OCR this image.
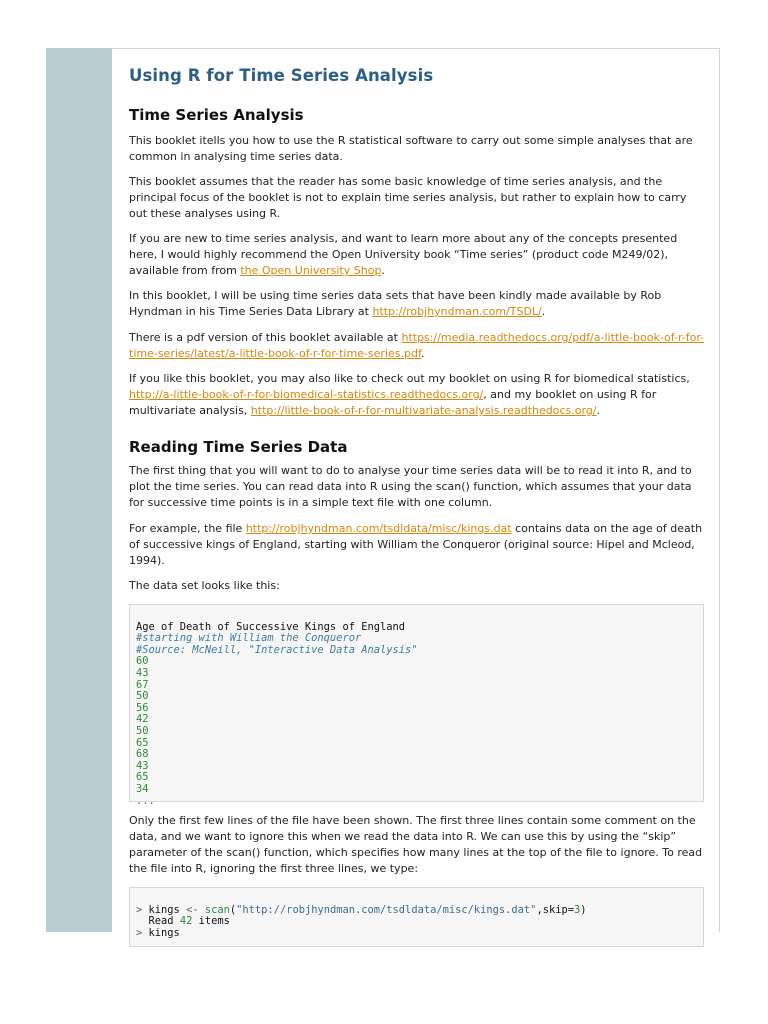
Using R for Time Series Analysis
Time Series Analysis

This booklet itells you how to use the R statistical software to carry out some simple analyses that are common in analysing time series data.

This booklet assumes that the reader has some basic knowledge of time series analysis, and the principal focus of the booklet is not to explain time series analysis, but rather to explain how to carry out these analyses using R.

If you are new to time series analysis, and want to learn more about any of the concepts presented here, I would highly recommend the Open University book “Time series” (product code M249/02), available from from the Open University Shop.

In this booklet, I will be using time series data sets that have been kindly made available by Rob Hyndman in his Time Series Data Library at http://robjhyndman.com/TSDL/.

There is a pdf version of this booklet available at https://media.readthedocs.org/pdf/a-little-book-of-r-for-time-series/latest/a-little-book-of-r-for-time-series.pdf.

If you like this booklet, you may also like to check out my booklet on using R for biomedical statistics, http://a-little-book-of-r-for-biomedical-statistics.readthedocs.org/, and my booklet on using R for multivariate analysis, http://little-book-of-r-for-multivariate-analysis.readthedocs.org/.

Reading Time Series Data

The first thing that you will want to do to analyse your time series data will be to read it into R, and to plot the time series. You can read data into R using the scan() function, which assumes that your data for successive time points is in a simple text file with one column.

For example, the file http://robjhyndman.com/tsdldata/misc/kings.dat contains data on the age of death of successive kings of England, starting with William the Conqueror (original source: Hipel and Mcleod, 1994).

The data set looks like this:

Age of Death of Successive Kings of England
#starting with William the Conqueror
#Source: McNeill, "Interactive Data Analysis"
60
43
67
50
56
42
50
65
68
43
65
34
...

Only the first few lines of the file have been shown. The first three lines contain some comment on the data, and we want to ignore this when we read the data into R. We can use this by using the “skip” parameter of the scan() function, which specifies how many lines at the top of the file to ignore. To read the file into R, ignoring the first three lines, we type:

> kings <- scan("http://robjhyndman.com/tsdldata/misc/kings.dat",skip=3)
Read 42 items
> kings
